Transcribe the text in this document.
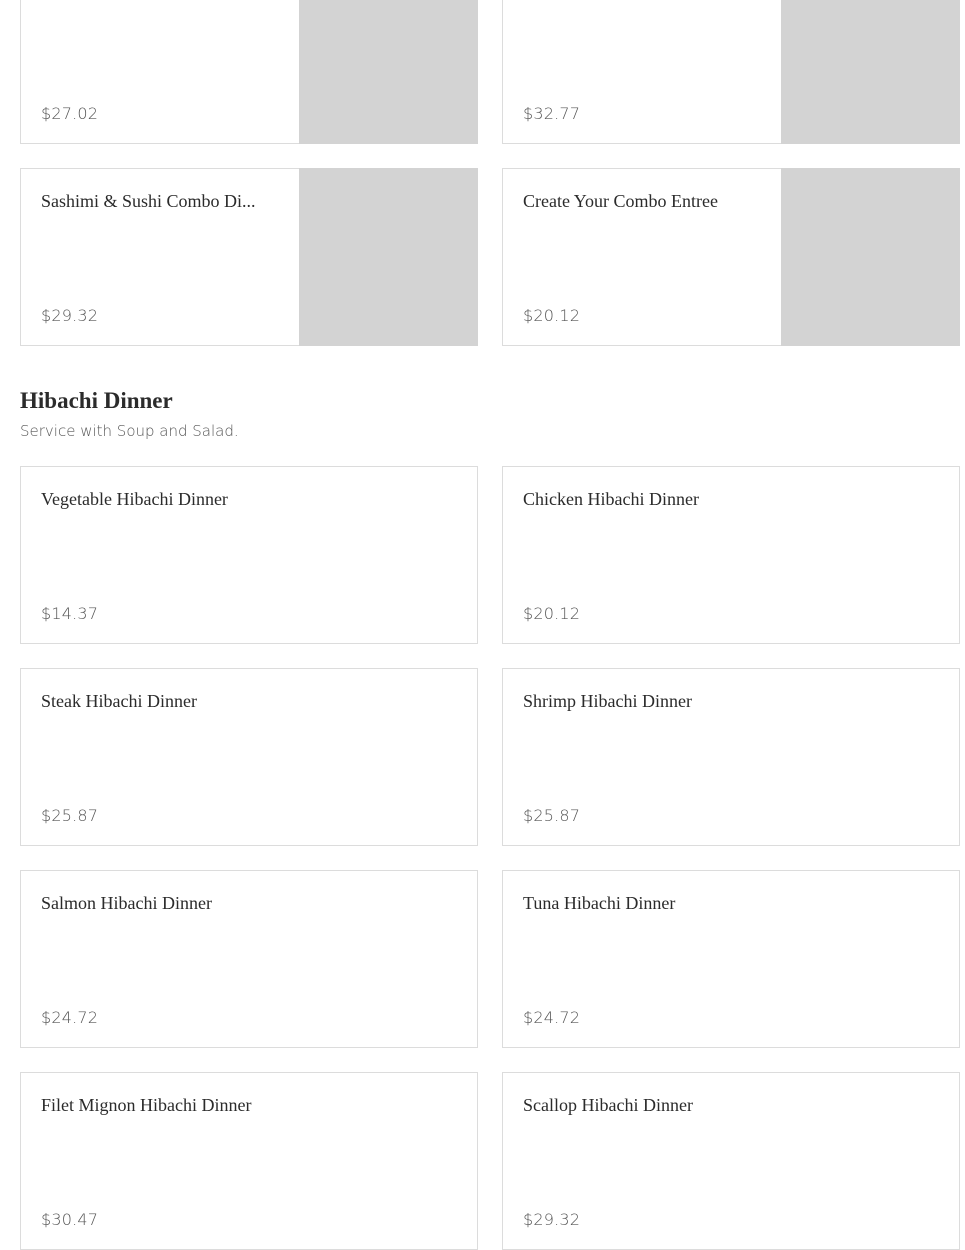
$27.02	$32.77
Sashimi & Sushi Combo Di...
$29.32
Create Your Combo Entree
$20.12
Hibachi Dinner
Service with Soup and Salad.
Vegetable Hibachi Dinner
$14.37
Chicken Hibachi Dinner
$20.12
Steak Hibachi Dinner
$25.87
Shrimp Hibachi Dinner
$25.87
Salmon Hibachi Dinner
$24.72
Tuna Hibachi Dinner
$24.72
Filet Mignon Hibachi Dinner
$30.47
Scallop Hibachi Dinner
$29.32
